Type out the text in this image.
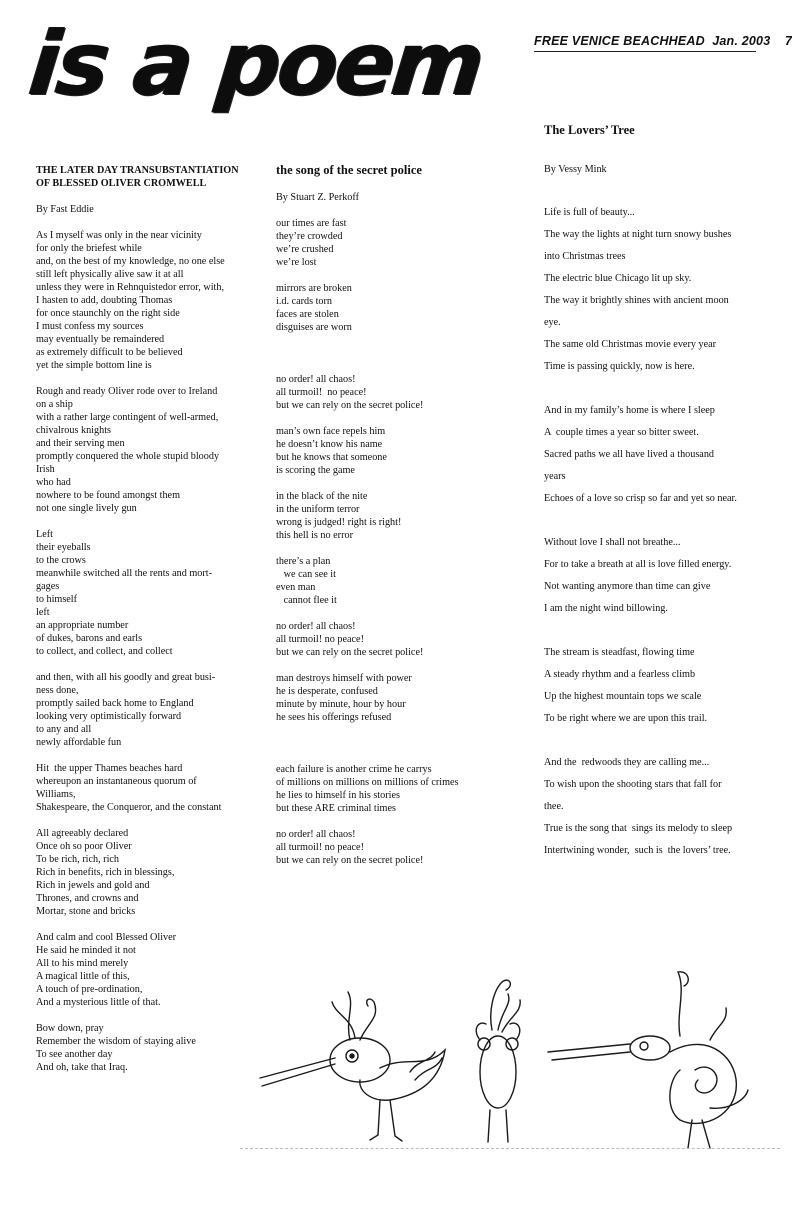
FREE VENICE BEACHHEAD Jan. 2003 7
is a poem
THE LATER DAY TRANSUBSTANTIATION
OF BLESSED OLIVER CROMWELL
By Fast Eddie

As I myself was only in the near vicinity
for only the briefest while
and, on the best of my knowledge, no one else
still left physically alive saw it at all
unless they were in Rehnquistedor error, with,
I hasten to add, doubting Thomas
for once staunchly on the right side
I must confess my sources
may eventually be remaindered
as extremely difficult to be believed
yet the simple bottom line is

Rough and ready Oliver rode over to Ireland
on a ship
with a rather large contingent of well-armed,
chivalrous knights
and their serving men
promptly conquered the whole stupid bloody
Irish
who had
nowhere to be found amongst them
not one single lively gun

Left
their eyeballs
to the crows
meanwhile switched all the rents and mort-
gages
to himself
left
an appropriate number
of dukes, barons and earls
to collect, and collect, and collect

and then, with all his goodly and great busi-
ness done,
promptly sailed back home to England
looking very optimistically forward
to any and all
newly affordable fun

Hit  the upper Thames beaches hard
whereupon an instantaneous quorum of
Williams,
Shakespeare, the Conqueror, and the constant

All agreeably declared
Once oh so poor Oliver
To be rich, rich, rich
Rich in benefits, rich in blessings,
Rich in jewels and gold and
Thrones, and crowns and
Mortar, stone and bricks

And calm and cool Blessed Oliver
He said he minded it not
All to his mind merely
A magical little of this,
A touch of pre-ordination,
And a mysterious little of that.

Bow down, pray
Remember the wisdom of staying alive
To see another day
And oh, take that Iraq.

the song of the secret police
By Stuart Z. Perkoff

our times are fast
they’re crowded
we’re crushed
we’re lost

mirrors are broken
i.d. cards torn
faces are stolen
disguises are worn

no order! all chaos!
all turmoil!  no peace!
but we can rely on the secret police!

man’s own face repels him
he doesn’t know his name
but he knows that someone
is scoring the game

in the black of the nite
in the uniform terror
wrong is judged! right is right!
this hell is no error

there’s a plan
we can see it
even man
cannot flee it

no order! all chaos!
all turmoil! no peace!
but we can rely on the secret police!

man destroys himself with power
he is desperate, confused
minute by minute, hour by hour
he sees his offerings refused

each failure is another crime he carrys
of millions on millions on millions of crimes
he lies to himself in his stories
but these ARE criminal times

no order! all chaos!
all turmoil! no peace!
but we can rely on the secret police!

The Lovers’ Tree
By Vessy Mink

Life is full of beauty...
The way the lights at night turn snowy bushes
into Christmas trees
The electric blue Chicago lit up sky.
The way it brightly shines with ancient moon
eye.
The same old Christmas movie every year
Time is passing quickly, now is here.

And in my family’s home is where I sleep
A  couple times a year so bitter sweet.
Sacred paths we all have lived a thousand
years
Echoes of a love so crisp so far and yet so near.

Without love I shall not breathe...
For to take a breath at all is love filled energy.
Not wanting anymore than time can give
I am the night wind billowing.

The stream is steadfast, flowing time
A steady rhythm and a fearless climb
Up the highest mountain tops we scale
To be right where we are upon this trail.

And the  redwoods they are calling me...
To wish upon the shooting stars that fall for
thee.
True is the song that  sings its melody to sleep
Intertwining wonder,  such is  the lovers’ tree.
